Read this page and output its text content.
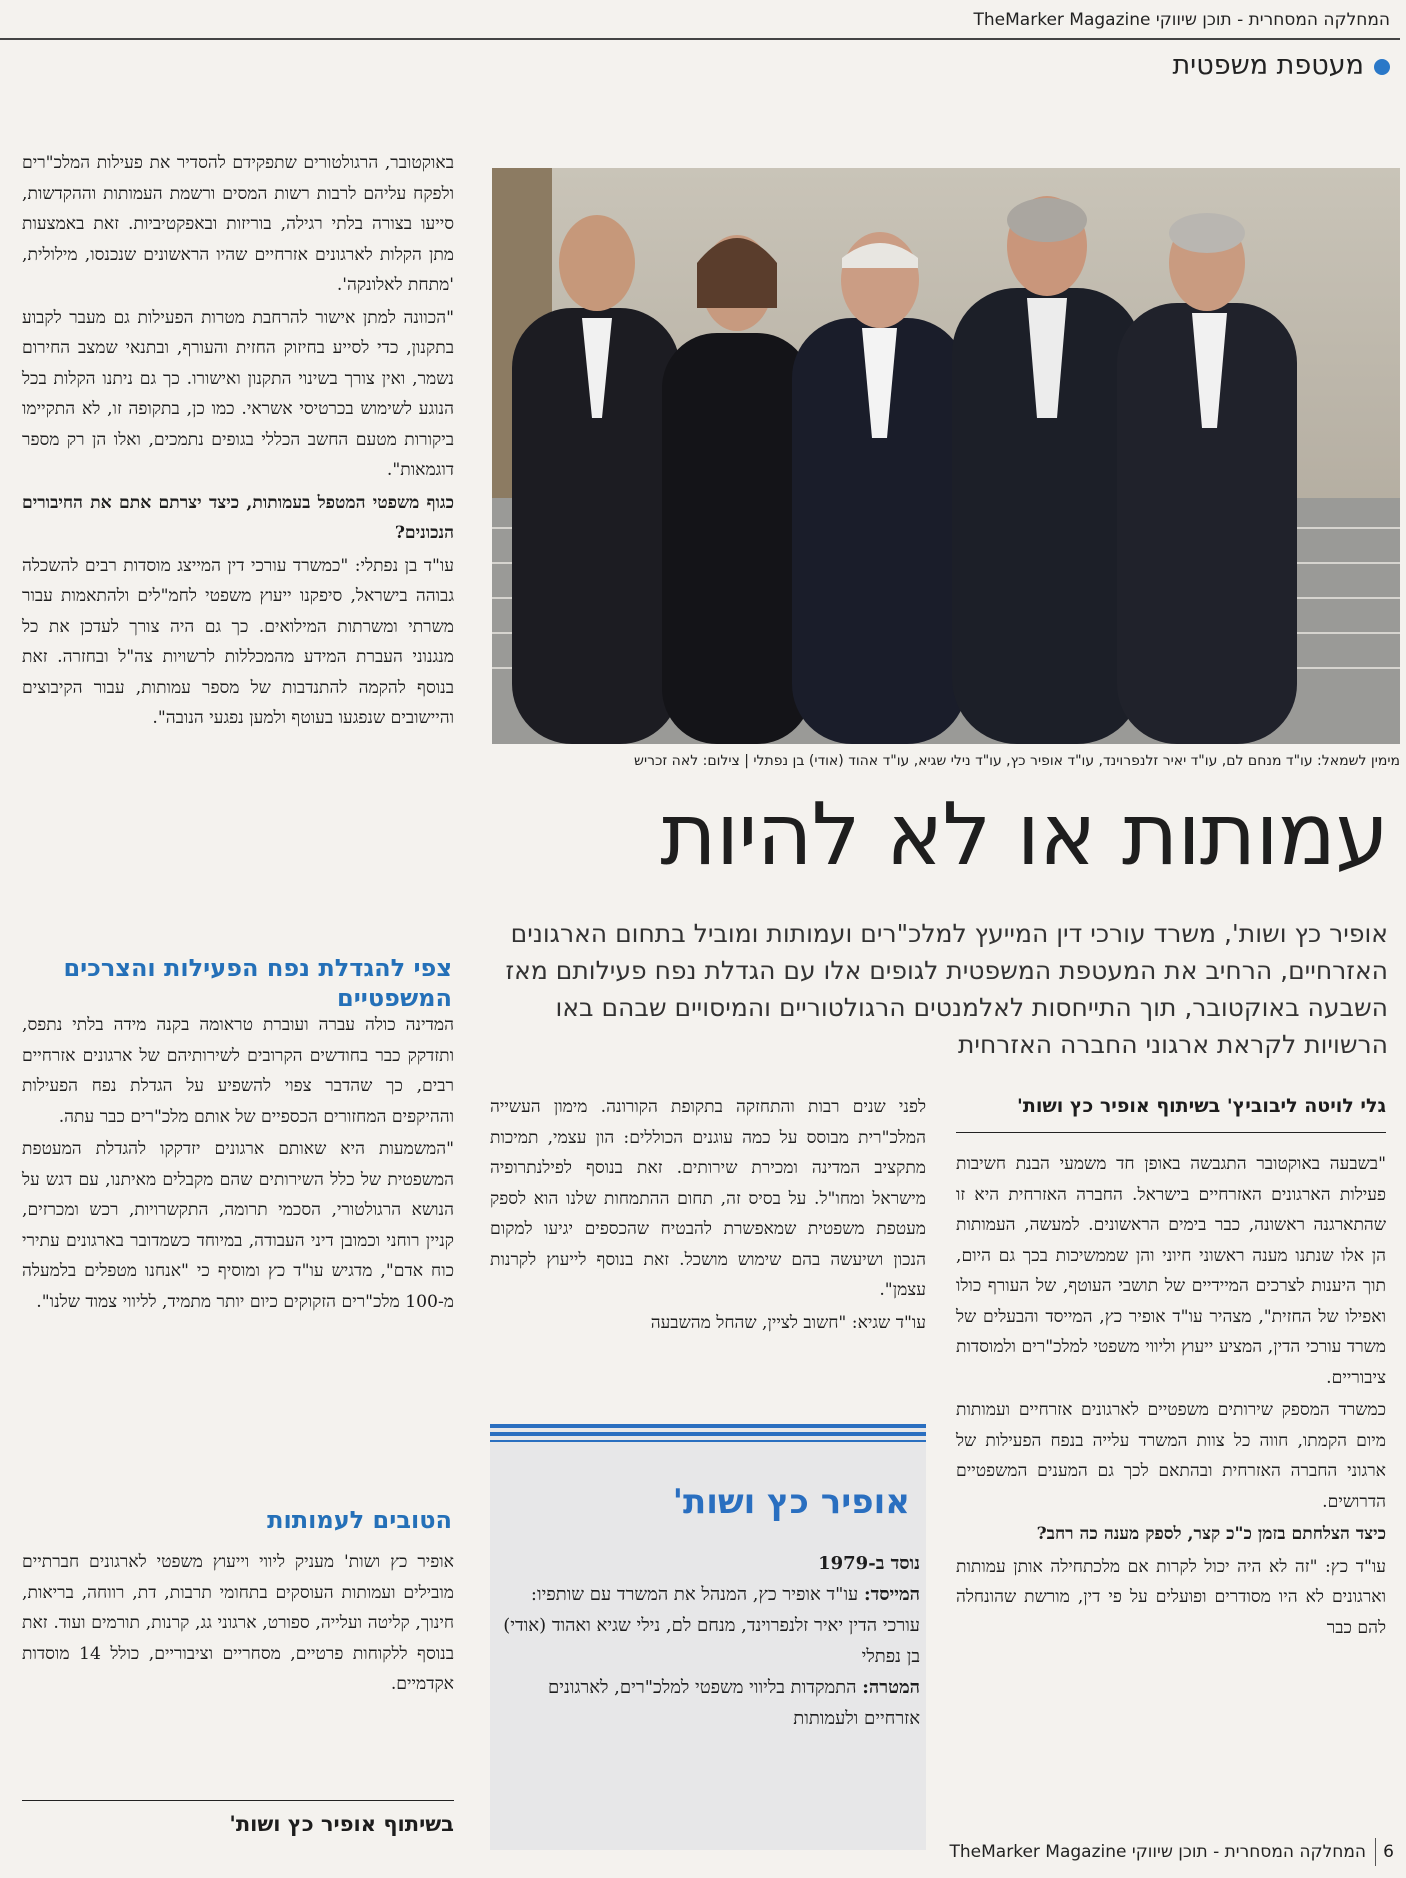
TheMarker Magazine המחלקה המסחרית - תוכן שיווקי
מעטפת משפטית
מימין לשמאל: עו"ד מנחם לם, עו"ד יאיר זלנפרוינד, עו"ד אופיר כץ, עו"ד נילי שגיא, עו"ד אהוד (אודי) בן נפתלי | צילום: לאה זכריש
עמותות או לא להיות
אופיר כץ ושות', משרד עורכי דין המייעץ למלכ"רים ועמותות ומוביל בתחום הארגונים האזרחיים, הרחיב את המעטפת המשפטית לגופים אלו עם הגדלת נפח פעילותם מאז השבעה באוקטובר, תוך התייחסות לאלמנטים הרגולטוריים והמיסויים שבהם באו הרשויות לקראת ארגוני החברה האזרחית
גלי לויטה ליבוביץ' בשיתוף אופיר כץ ושות'

"בשבעה באוקטובר התגבשה באופן חד משמעי הבנת חשיבות פעילות הארגונים האזרחיים בישראל. החברה האזרחית היא זו שהתארגנה ראשונה, כבר בימים הראשונים. למעשה, העמותות הן אלו שנתנו מענה ראשוני חיוני והן שממשיכות בכך גם היום, תוך היענות לצרכים המיידיים של תושבי העוטף, של העורף כולו ואפילו של החזית", מצהיר עו"ד אופיר כץ, המייסד והבעלים של משרד עורכי הדין, המציע ייעוץ וליווי משפטי למלכ"רים ולמוסדות ציבוריים.

כמשרד המספק שירותים משפטיים לארגונים אזרחיים ועמותות מיום הקמתו, חווה כל צוות המשרד עלייה בנפח הפעילות של ארגוני החברה האזרחית ובהתאם לכך גם המענים המשפטיים הדרושים.

כיצד הצלחתם בזמן כ"כ קצר, לספק מענה כה רחב?

עו"ד כץ: "זה לא היה יכול לקרות אם מלכתחילה אותן עמותות וארגונים לא היו מסודרים ופועלים על פי דין, מורשת שהונחלה להם כבר

לפני שנים רבות והתחזקה בתקופת הקורונה. מימון העשייה המלכ"רית מבוסס על כמה עוגנים הכוללים: הון עצמי, תמיכות מתקציב המדינה ומכירת שירותים. זאת בנוסף לפילנתרופיה מישראל ומחו"ל. על בסיס זה, תחום ההתמחות שלנו הוא לספק מעטפת משפטית שמאפשרת להבטיח שהכספים יגיעו למקום הנכון ושיעשה בהם שימוש מושכל. זאת בנוסף לייעוץ לקרנות עצמן".

עו"ד שגיא: "חשוב לציין, שהחל מהשבעה

אופיר כץ ושות'

נוסד ב-1979

המייסד: עו"ד אופיר כץ, המנהל את המשרד עם שותפיו: עורכי הדין יאיר זלנפרוינד, מנחם לם, נילי שגיא ואהוד (אודי) בן נפתלי

המטרה: התמקדות בליווי משפטי למלכ"רים, לארגונים אזרחיים ולעמותות

באוקטובר, הרגולטורים שתפקידם להסדיר את פעילות המלכ"רים ולפקח עליהם לרבות רשות המסים ורשמת העמותות וההקדשות, סייעו בצורה בלתי רגילה, בוריזות ובאפקטיביות. זאת באמצעות מתן הקלות לארגונים אזרחיים שהיו הראשונים שנכנסו, מילולית, 'מתחת לאלונקה'.

"הכוונה למתן אישור להרחבת מטרות הפעילות גם מעבר לקבוע בתקנון, כדי לסייע בחיזוק החזית והעורף, ובתנאי שמצב החירום נשמר, ואין צורך בשינוי התקנון ואישורו. כך גם ניתנו הקלות בכל הנוגע לשימוש בכרטיסי אשראי. כמו כן, בתקופה זו, לא התקיימו ביקורות מטעם החשב הכללי בגופים נתמכים, ואלו הן רק מספר דוגמאות".

כגוף משפטי המטפל בעמותות, כיצד יצרתם אתם את החיבורים הנכונים?

עו"ד בן נפתלי: "כמשרד עורכי דין המייצג מוסדות רבים להשכלה גבוהה בישראל, סיפקנו ייעוץ משפטי לחמ"לים ולהתאמות עבור משרתי ומשרתות המילואים. כך גם היה צורך לעדכן את כל מנגנוני העברת המידע מהמכללות לרשויות צה"ל ובחזרה. זאת בנוסף להקמה להתנדבות של מספר עמותות, עבור הקיבוצים והיישובים שנפגעו בעוטף ולמען נפגעי הנובה".

צפי להגדלת נפח הפעילות והצרכים המשפטיים

המדינה כולה עברה ועוברת טראומה בקנה מידה בלתי נתפס, ותזדקק כבר בחודשים הקרובים לשירותיהם של ארגונים אזרחיים רבים, כך שהדבר צפוי להשפיע על הגדלת נפח הפעילות וההיקפים המחזורים הכספיים של אותם מלכ"רים כבר עתה.

"המשמעות היא שאותם ארגונים יזדקקו להגדלת המעטפת המשפטית של כלל השירותים שהם מקבלים מאיתנו, עם דגש על הנושא הרגולטורי, הסכמי תרומה, התקשרויות, רכש ומכרזים, קניין רוחני וכמובן דיני העבודה, במיוחד כשמדובר בארגונים עתירי כוח אדם", מדגיש עו"ד כץ ומוסיף כי "אנחנו מטפלים בלמעלה מ-100 מלכ"רים הזקוקים כיום יותר מתמיד, לליווי צמוד שלנו".

הטובים לעמותות

אופיר כץ ושות' מעניק ליווי וייעוץ משפטי לארגונים חברתיים מובילים ועמותות העוסקים בתחומי תרבות, דת, רווחה, בריאות, חינוך, קליטה ועלייה, ספורט, ארגוני גג, קרנות, תורמים ועוד. זאת בנוסף ללקוחות פרטיים, מסחריים וציבוריים, כולל 14 מוסדות אקדמיים.

בשיתוף אופיר כץ ושות'
TheMarker Magazine המחלקה המסחרית - תוכן שיווקי 6
